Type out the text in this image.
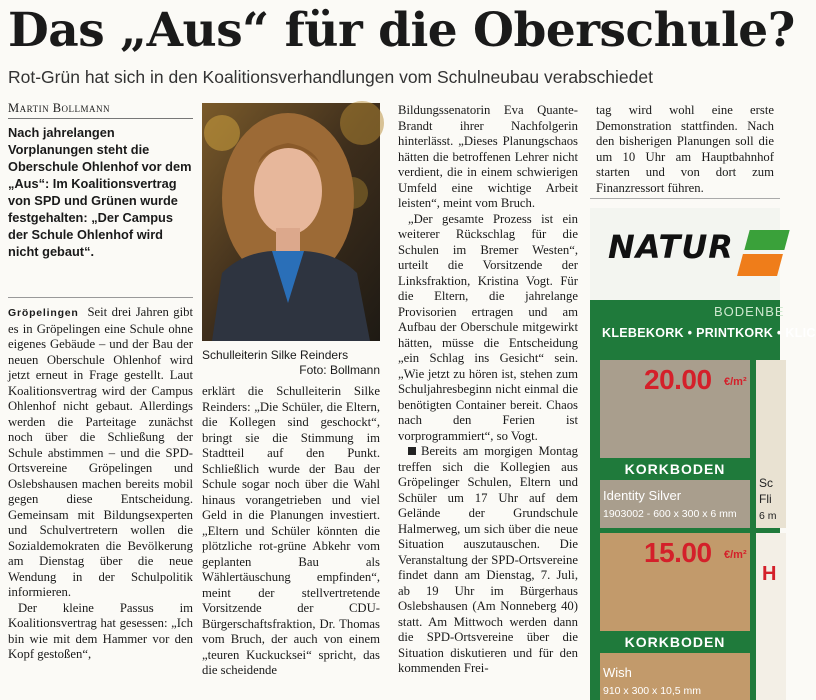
Das „Aus“ für die Oberschule?
Rot-Grün hat sich in den Koalitionsverhandlungen vom Schulneubau verabschiedet
Martin Bollmann
Nach jahrelangen Vorplanungen steht die Oberschule Ohlenhof vor dem „Aus“: Im Koalitionsvertrag von SPD und Grünen wurde festgehalten: „Der Campus der Schule Ohlenhof wird nicht gebaut“.

Gröpelingen Seit drei Jahren gibt es in Gröpelingen eine Schule ohne eigenes Gebäude – und der Bau der neuen Oberschule Ohlenhof wird jetzt erneut in Frage gestellt. Laut Koalitionsvertrag wird der Campus Ohlenhof nicht gebaut. Allerdings werden die Parteitage zunächst noch über die Schließung der Schule abstimmen – und die SPD-Ortsvereine Gröpelingen und Oslebshausen machen bereits mobil gegen diese Entscheidung. Gemeinsam mit Bildungsexperten und Schulvertretern wollen die Sozialdemokraten die Bevölkerung am Dienstag über die neue Wendung in der Schulpolitik informieren.

Der kleine Passus im Koalitionsvertrag hat gesessen: „Ich bin wie mit dem Hammer vor den Kopf gestoßen“,

Schulleiterin Silke Reinders
Foto: Bollmann

erklärt die Schulleiterin Silke Reinders: „Die Schüler, die Eltern, die Kollegen sind geschockt“, bringt sie die Stimmung im Stadtteil auf den Punkt. Schließlich wurde der Bau der Schule sogar noch über die Wahl hinaus vorangetrieben und viel Geld in die Planungen investiert. „Eltern und Schüler könnten die plötzliche rot-grüne Abkehr vom geplanten Bau als Wählertäuschung empfinden“, meint der stellvertretende Vorsitzende der CDU-Bürgerschaftsfraktion, Dr. Thomas vom Bruch, der auch von einem „teuren Kuckucksei“ spricht, das die scheidende

Bildungssenatorin Eva Quante-Brandt ihrer Nachfolgerin hinterlässt. „Dieses Planungschaos hätten die betroffenen Lehrer nicht verdient, die in einem schwierigen Umfeld eine wichtige Arbeit leisten“, meint vom Bruch.

„Der gesamte Prozess ist ein weiterer Rückschlag für die Schulen im Bremer Westen“, urteilt die Vorsitzende der Linksfraktion, Kristina Vogt. Für die Eltern, die jahrelange Provisorien ertragen und am Aufbau der Oberschule mitgewirkt hätten, müsse die Entscheidung „ein Schlag ins Gesicht“ sein. „Wie jetzt zu hören ist, stehen zum Schuljahresbeginn nicht einmal die benötigten Container bereit. Chaos nach den Ferien ist vorprogrammiert“, so Vogt.

Bereits am morgigen Montag treffen sich die Kollegien aus Gröpelinger Schulen, Eltern und Schüler um 17 Uhr auf dem Gelände der Grundschule Halmerweg, um sich über die neue Situation auszutauschen. Die Veranstaltung der SPD-Ortsvereine findet dann am Dienstag, 7. Juli, ab 19 Uhr im Bürgerhaus Oslebshausen (Am Nonneberg 40) statt. Am Mittwoch werden dann die SPD-Ortsvereine über die Situation diskutieren und für den kommenden Frei-

tag wird wohl eine erste Demonstration stattfinden. Nach den bisherigen Planungen soll die um 10 Uhr am Hauptbahnhof starten und von dort zum Finanzressort führen.

NATUR
BODENBE
KLEBEKORK • PRINTKORK • KLIC
20.00 €/m²
KORKBODEN
Identity Silver
1903002 - 600 x 300 x 6 mm
15.00 €/m²
KORKBODEN
Wish
910 x 300 x 10,5 mm
Sc
Fli
6 m
H
